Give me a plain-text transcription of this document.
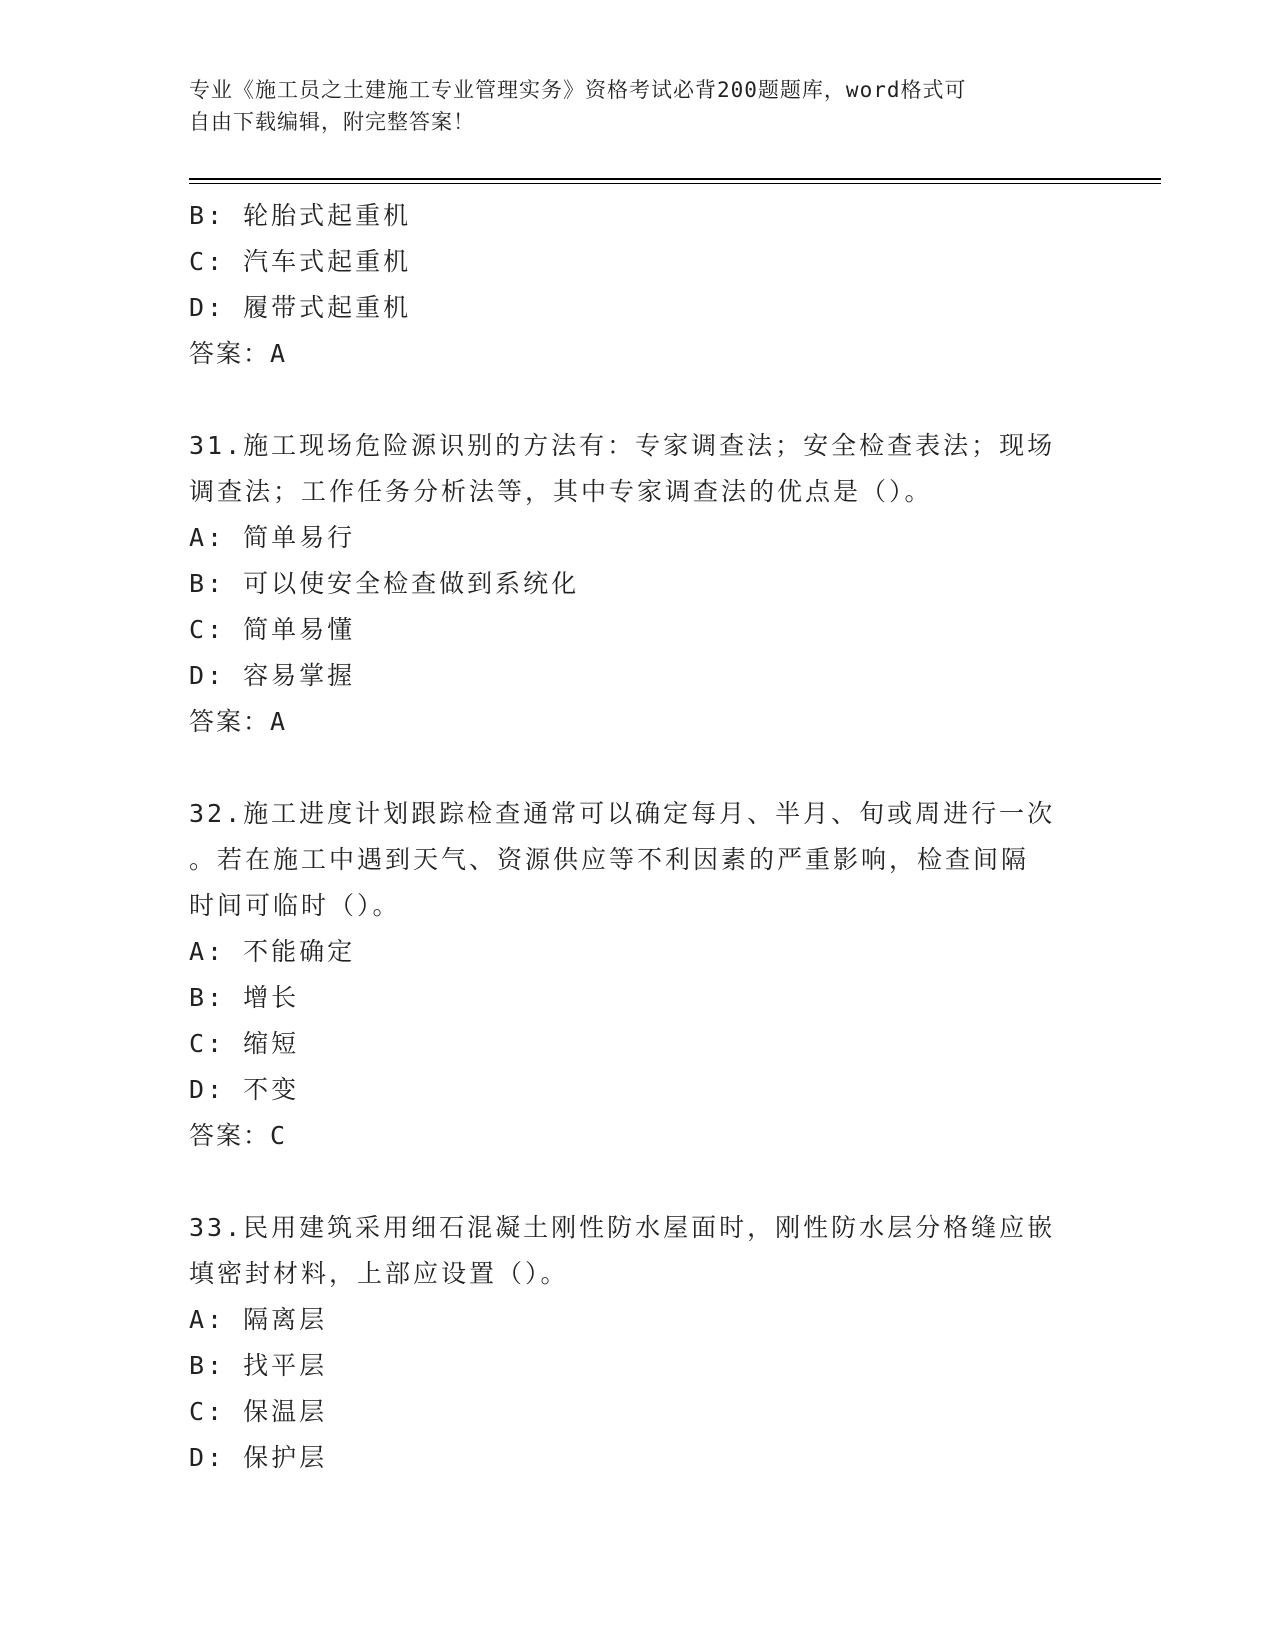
专业《施工员之土建施工专业管理实务》资格考试必背200题题库，word格式可
自由下载编辑，附完整答案！
B: 轮胎式起重机
C: 汽车式起重机
D: 履带式起重机
答案：A
31.施工现场危险源识别的方法有：专家调查法；安全检查表法；现场
调查法；工作任务分析法等，其中专家调查法的优点是（）。
A: 简单易行
B: 可以使安全检查做到系统化
C: 简单易懂
D: 容易掌握
答案：A
32.施工进度计划跟踪检查通常可以确定每月、半月、旬或周进行一次
。若在施工中遇到天气、资源供应等不利因素的严重影响，检查间隔
时间可临时（）。
A: 不能确定
B: 增长
C: 缩短
D: 不变
答案：C
33.民用建筑采用细石混凝土刚性防水屋面时，刚性防水层分格缝应嵌
填密封材料，上部应设置（）。
A: 隔离层
B: 找平层
C: 保温层
D: 保护层
